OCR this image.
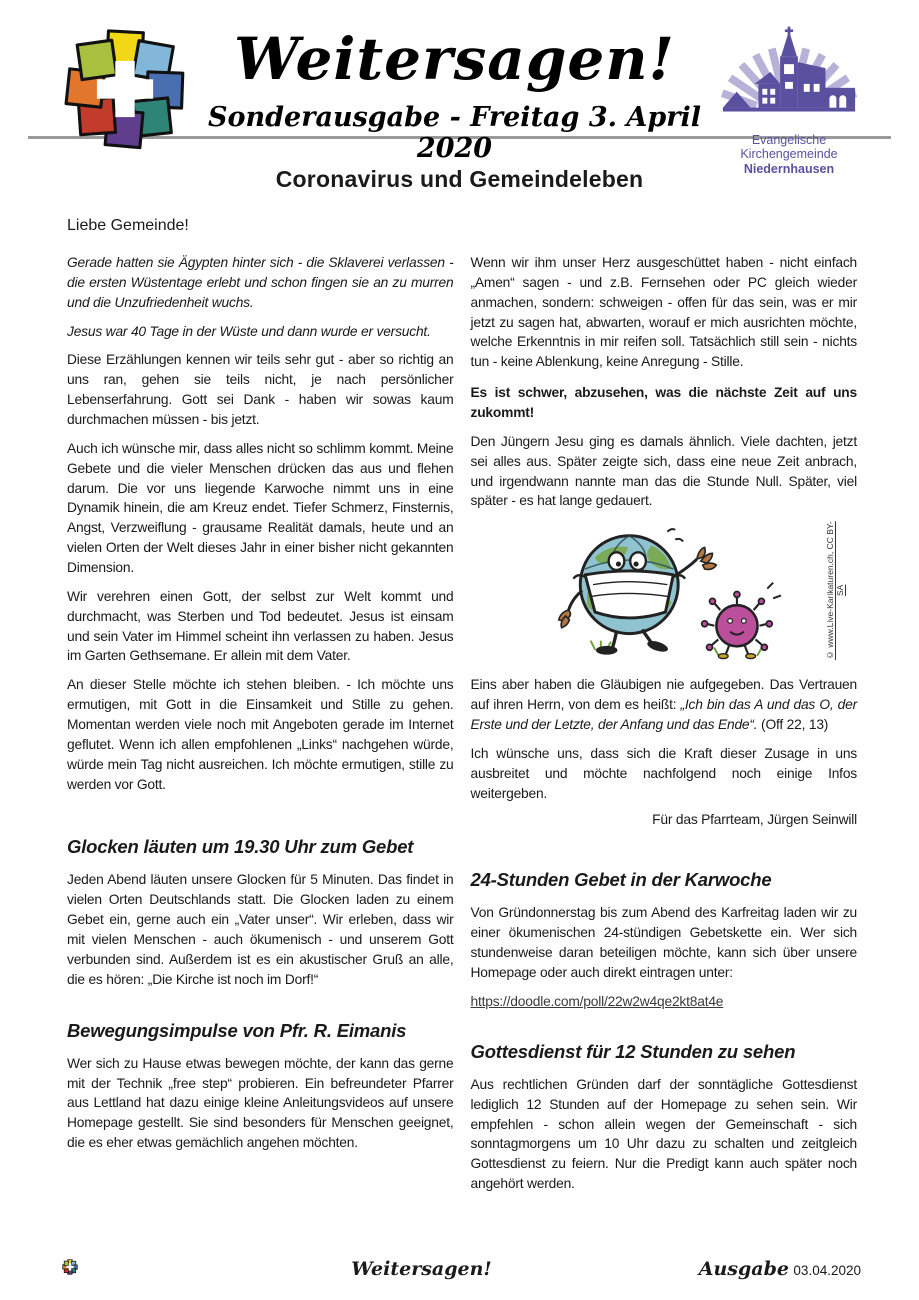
Weitersagen!
Sonderausgabe - Freitag 3. April 2020	Evangelische
Kirchengemeinde
Niedernhausen
Coronavirus und Gemeindeleben
Liebe Gemeinde!

Gerade hatten sie Ägypten hinter sich - die Sklaverei verlassen - die ersten Wüstentage erlebt und schon fingen sie an zu murren und die Unzufriedenheit wuchs.

Jesus war 40 Tage in der Wüste und dann wurde er versucht.

Diese Erzählungen kennen wir teils sehr gut - aber so richtig an uns ran, gehen sie teils nicht, je nach persönlicher Lebenserfahrung. Gott sei Dank - haben wir sowas kaum durchmachen müssen - bis jetzt.

Auch ich wünsche mir, dass alles nicht so schlimm kommt. Meine Gebete und die vieler Menschen drücken das aus und flehen darum. Die vor uns liegende Karwoche nimmt uns in eine Dynamik hinein, die am Kreuz endet. Tiefer Schmerz, Finsternis, Angst, Verzweiflung - grausame Realität damals, heute und an vielen Orten der Welt dieses Jahr in einer bisher nicht gekannten Dimension.

Wir verehren einen Gott, der selbst zur Welt kommt und durchmacht, was Sterben und Tod bedeutet. Jesus ist einsam und sein Vater im Himmel scheint ihn verlassen zu haben. Jesus im Garten Gethsemane. Er allein mit dem Vater.

An dieser Stelle möchte ich stehen bleiben. - Ich möchte uns ermutigen, mit Gott in die Einsamkeit und Stille zu gehen. Momentan werden viele noch mit Angeboten gerade im Internet geflutet. Wenn ich allen empfohlenen „Links“ nachgehen würde, würde mein Tag nicht ausreichen. Ich möchte ermutigen, stille zu werden vor Gott.

Glocken läuten um 19.30 Uhr zum Gebet

Jeden Abend läuten unsere Glocken für 5 Minuten. Das findet in vielen Orten Deutschlands statt. Die Glocken laden zu einem Gebet ein, gerne auch ein „Vater unser“. Wir erleben, dass wir mit vielen Menschen - auch ökumenisch - und unserem Gott verbunden sind. Außerdem ist es ein akustischer Gruß an alle, die es hören: „Die Kirche ist noch im Dorf!“

Bewegungsimpulse von Pfr. R. Eimanis

Wer sich zu Hause etwas bewegen möchte, der kann das gerne mit der Technik „free step“ probieren. Ein befreundeter Pfarrer aus Lettland hat dazu einige kleine Anleitungsvideos auf unsere Homepage gestellt. Sie sind besonders für Menschen geeignet, die es eher etwas gemächlich angehen möchten.

Wenn wir ihm unser Herz ausgeschüttet haben - nicht einfach „Amen“ sagen - und z.B. Fernsehen oder PC gleich wieder anmachen, sondern: schweigen - offen für das sein, was er mir jetzt zu sagen hat, abwarten, worauf er mich ausrichten möchte, welche Erkenntnis in mir reifen soll. Tatsächlich still sein - nichts tun - keine Ablenkung, keine Anregung - Stille.

Es ist schwer, abzusehen, was die nächste Zeit auf uns zukommt!

Den Jüngern Jesu ging es damals ähnlich. Viele dachten, jetzt sei alles aus. Später zeigte sich, dass eine neue Zeit anbrach, und irgendwann nannte man das die Stunde Null. Später, viel später - es hat lange gedauert.

© www.Live-Karikaturen.ch, CC BY-SA

Eins aber haben die Gläubigen nie aufgegeben. Das Vertrauen auf ihren Herrn, von dem es heißt: „Ich bin das A und das O, der Erste und der Letzte, der Anfang und das Ende“. (Off 22, 13)

Ich wünsche uns, dass sich die Kraft dieser Zusage in uns ausbreitet und möchte nachfolgend noch einige Infos weitergeben.

Für das Pfarrteam, Jürgen Seinwill
24-Stunden Gebet in der Karwoche

Von Gründonnerstag bis zum Abend des Karfreitag laden wir zu einer ökumenischen 24-stündigen Gebetskette ein. Wer sich stundenweise daran beteiligen möchte, kann sich über unsere Homepage oder auch direkt eintragen unter:

https://doodle.com/poll/22w2w4qe2kt8at4e
Gottesdienst für 12 Stunden zu sehen

Aus rechtlichen Gründen darf der sonntägliche Gottesdienst lediglich 12 Stunden auf der Homepage zu sehen sein. Wir empfehlen - schon allein wegen der Gemeinschaft - sich sonntagmorgens um 10 Uhr dazu zu schalten und zeitgleich Gottesdienst zu feiern. Nur die Predigt kann auch später noch angehört werden.

Weitersagen!	Ausgabe 03.04.2020
